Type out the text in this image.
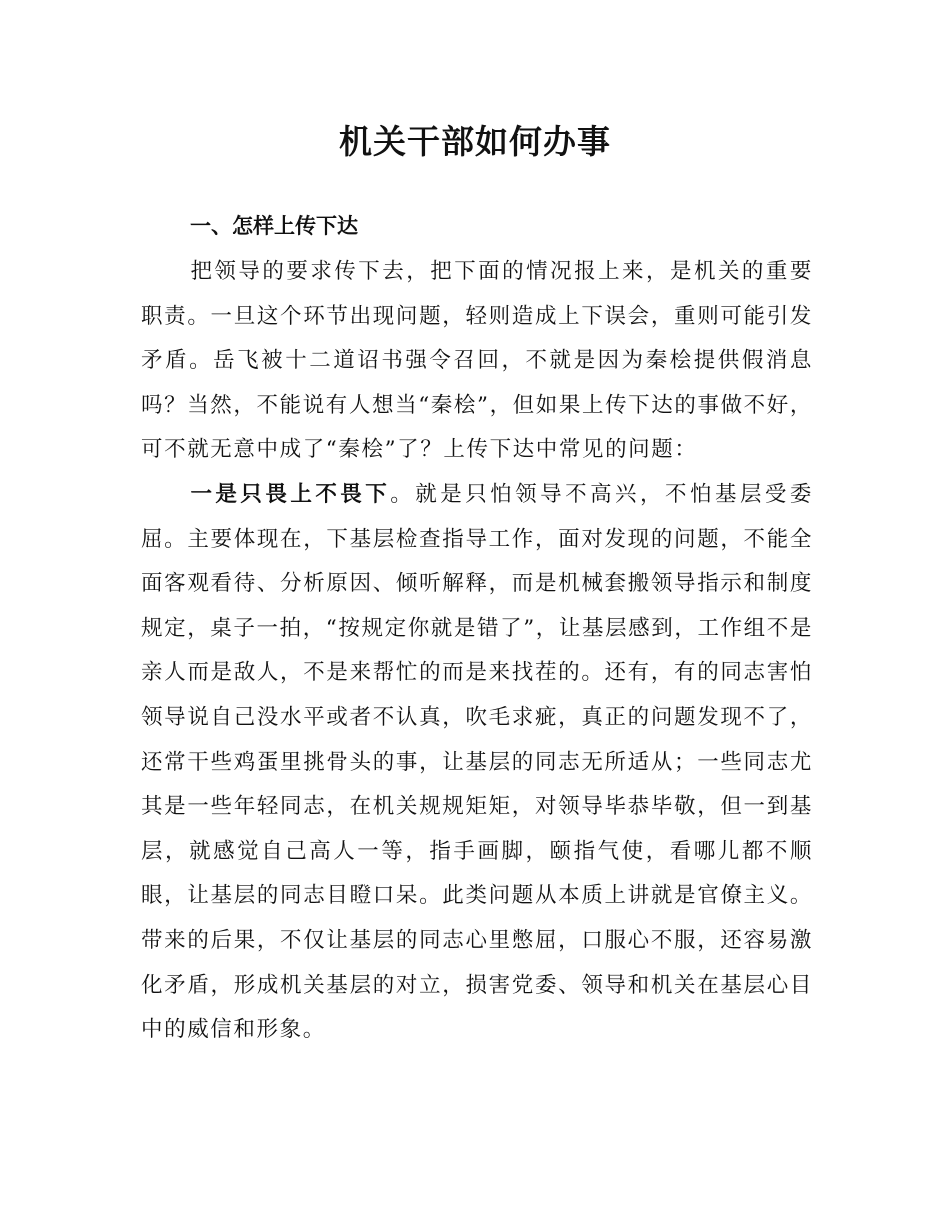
机关干部如何办事
一、怎样上传下达

把领导的要求传下去，把下面的情况报上来，是机关的重要职责。一旦这个环节出现问题，轻则造成上下误会，重则可能引发矛盾。岳飞被十二道诏书强令召回，不就是因为秦桧提供假消息吗？当然，不能说有人想当“秦桧”，但如果上传下达的事做不好，可不就无意中成了“秦桧”了？上传下达中常见的问题：

一是只畏上不畏下。就是只怕领导不高兴，不怕基层受委屈。主要体现在，下基层检查指导工作，面对发现的问题，不能全面客观看待、分析原因、倾听解释，而是机械套搬领导指示和制度规定，桌子一拍，“按规定你就是错了”，让基层感到，工作组不是亲人而是敌人，不是来帮忙的而是来找茬的。还有，有的同志害怕领导说自己没水平或者不认真，吹毛求疵，真正的问题发现不了，还常干些鸡蛋里挑骨头的事，让基层的同志无所适从；一些同志尤其是一些年轻同志，在机关规规矩矩，对领导毕恭毕敬，但一到基层，就感觉自己高人一等，指手画脚，颐指气使，看哪儿都不顺眼，让基层的同志目瞪口呆。此类问题从本质上讲就是官僚主义。带来的后果，不仅让基层的同志心里憋屈，口服心不服，还容易激化矛盾，形成机关基层的对立，损害党委、领导和机关在基层心目中的威信和形象。
